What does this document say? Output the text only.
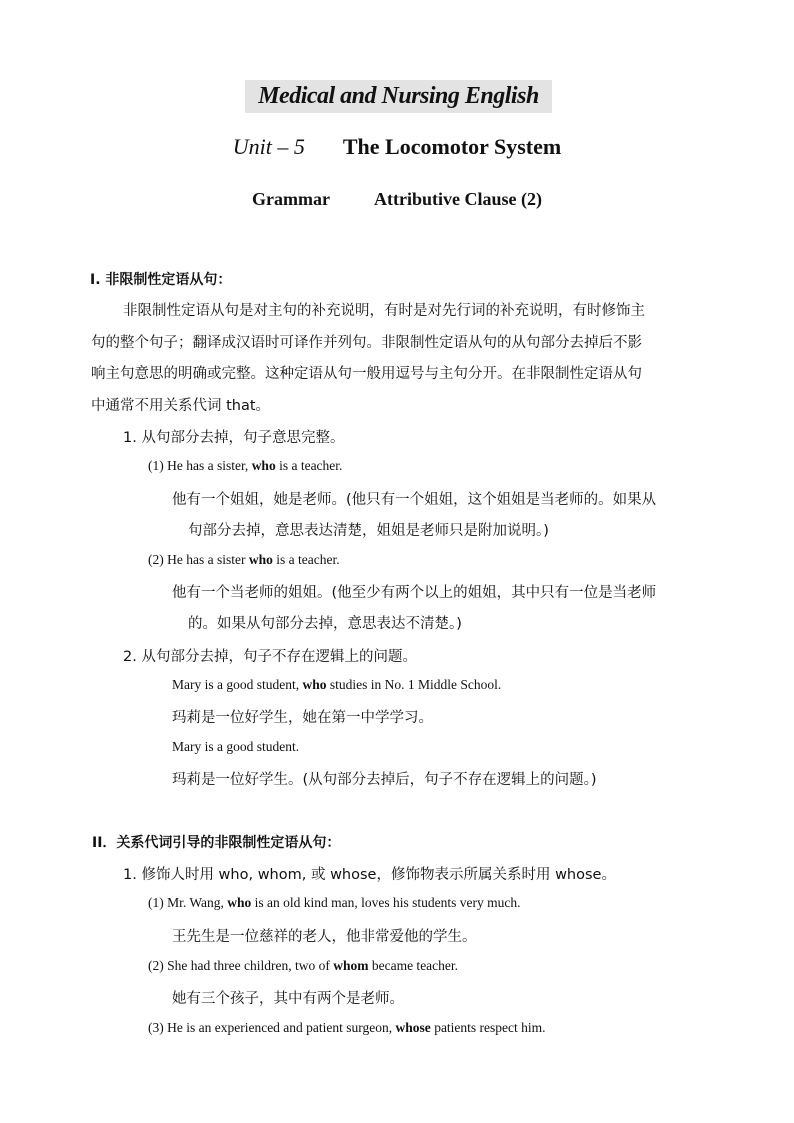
Medical and Nursing English
Unit – 5 The Locomotor System
Grammar Attributive Clause (2)
I. 非限制性定语从句：
非限制性定语从句是对主句的补充说明，有时是对先行词的补充说明，有时修饰主
句的整个句子；翻译成汉语时可译作并列句。非限制性定语从句的从句部分去掉后不影
响主句意思的明确或完整。这种定语从句一般用逗号与主句分开。在非限制性定语从句
中通常不用关系代词 that。
1. 从句部分去掉，句子意思完整。
(1) He has a sister, who is a teacher.
他有一个姐姐，她是老师。(他只有一个姐姐，这个姐姐是当老师的。如果从
句部分去掉，意思表达清楚，姐姐是老师只是附加说明。)
(2) He has a sister who is a teacher.
他有一个当老师的姐姐。(他至少有两个以上的姐姐，其中只有一位是当老师
的。如果从句部分去掉，意思表达不清楚。)
2. 从句部分去掉，句子不存在逻辑上的问题。
Mary is a good student, who studies in No. 1 Middle School.
玛莉是一位好学生，她在第一中学学习。
Mary is a good student.
玛莉是一位好学生。(从句部分去掉后，句子不存在逻辑上的问题。)
II．关系代词引导的非限制性定语从句：
1. 修饰人时用 who, whom, 或 whose，修饰物表示所属关系时用 whose。
(1) Mr. Wang, who is an old kind man, loves his students very much.
王先生是一位慈祥的老人，他非常爱他的学生。
(2) She had three children, two of whom became teacher.
她有三个孩子，其中有两个是老师。
(3) He is an experienced and patient surgeon, whose patients respect him.
